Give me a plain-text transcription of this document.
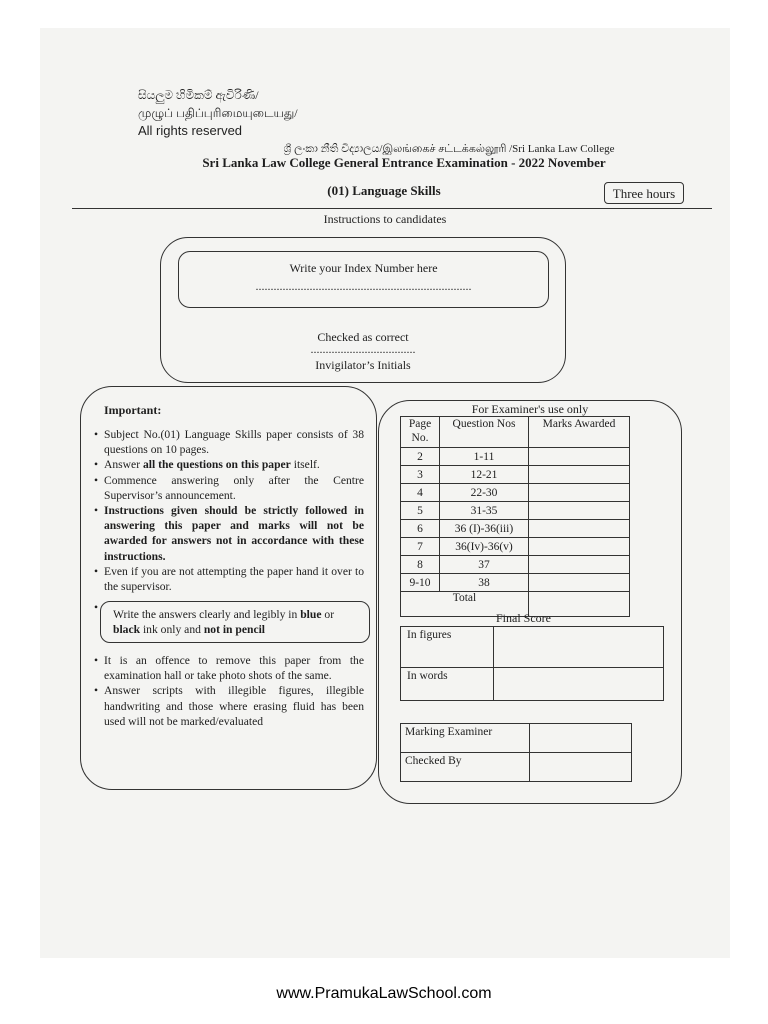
සියලුම හිමිකම් ඇවිරිණි/
முழுப் பதிப்புரிமையுடையது/
All rights reserved
ශ්‍රී ලංකා නීති විද්‍යාලය/இலங்கைச் சட்டக்கல்லூரி /Sri Lanka Law College
Sri Lanka Law College General Entrance Examination - 2022 November
(01) Language Skills	Three hours
Instructions to candidates
Write your Index Number here
........................................................................
Checked as correct
...................................
Invigilator’s Initials
Important:
• Subject No.(01) Language Skills paper consists of 38 questions on 10 pages.
• Answer all the questions on this paper itself.
• Commence answering only after the Centre Supervisor’s announcement.
• Instructions given should be strictly followed in answering this paper and marks will not be awarded for answers not in accordance with these instructions.
• Even if you are not attempting the paper hand it over to the supervisor.
•
Write the answers clearly and legibly in blue or black ink only and not in pencil
• It is an offence to remove this paper from the examination hall or take photo shots of the same.
• Answer scripts with illegible figures, illegible handwriting and those where erasing fluid has been used will not be marked/evaluated
For Examiner's use only
Page No.	Question Nos	Marks Awarded
2	1-11	
3	12-21	
4	22-30	
5	31-35	
6	36 (I)-36(iii)	
7	36(Iv)-36(v)	
8	37	
9-10	38	
Total		
Final Score
In figures	
In words	
Marking Examiner	
Checked By	
www.PramukaLawSchool.com
